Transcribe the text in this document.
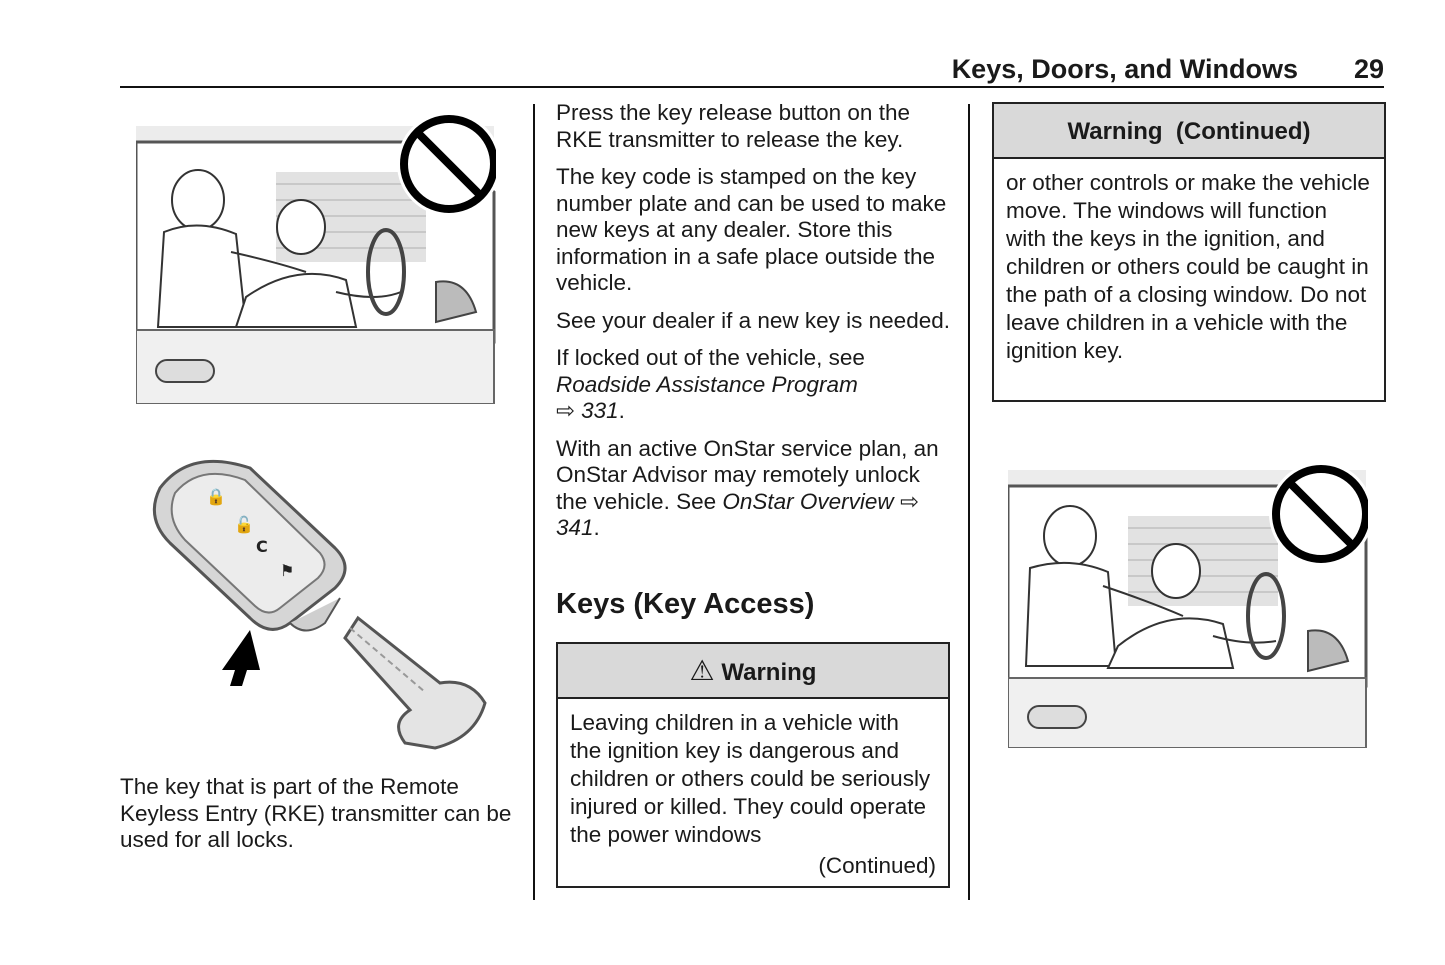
Keys, Doors, and Windows 29
🔒
🔓
C
⚑

The key that is part of the Remote Keyless Entry (RKE) transmitter can be used for all locks.

Press the key release button on the RKE transmitter to release the key.

The key code is stamped on the key number plate and can be used to make new keys at any dealer. Store this information in a safe place outside the vehicle.

See your dealer if a new key is needed.

If locked out of the vehicle, see
Roadside Assistance Program
⇨ 331.

With an active OnStar service plan, an OnStar Advisor may remotely unlock the vehicle. See OnStar Overview ⇨ 341.

Keys (Key Access)
⚠ Warning
Leaving children in a vehicle with the ignition key is dangerous and children or others could be seriously injured or killed. They could operate the power windows
(Continued)
Warning  (Continued)
or other controls or make the vehicle move. The windows will function with the keys in the ignition, and children or others could be caught in the path of a closing window. Do not leave children in a vehicle with the ignition key.
